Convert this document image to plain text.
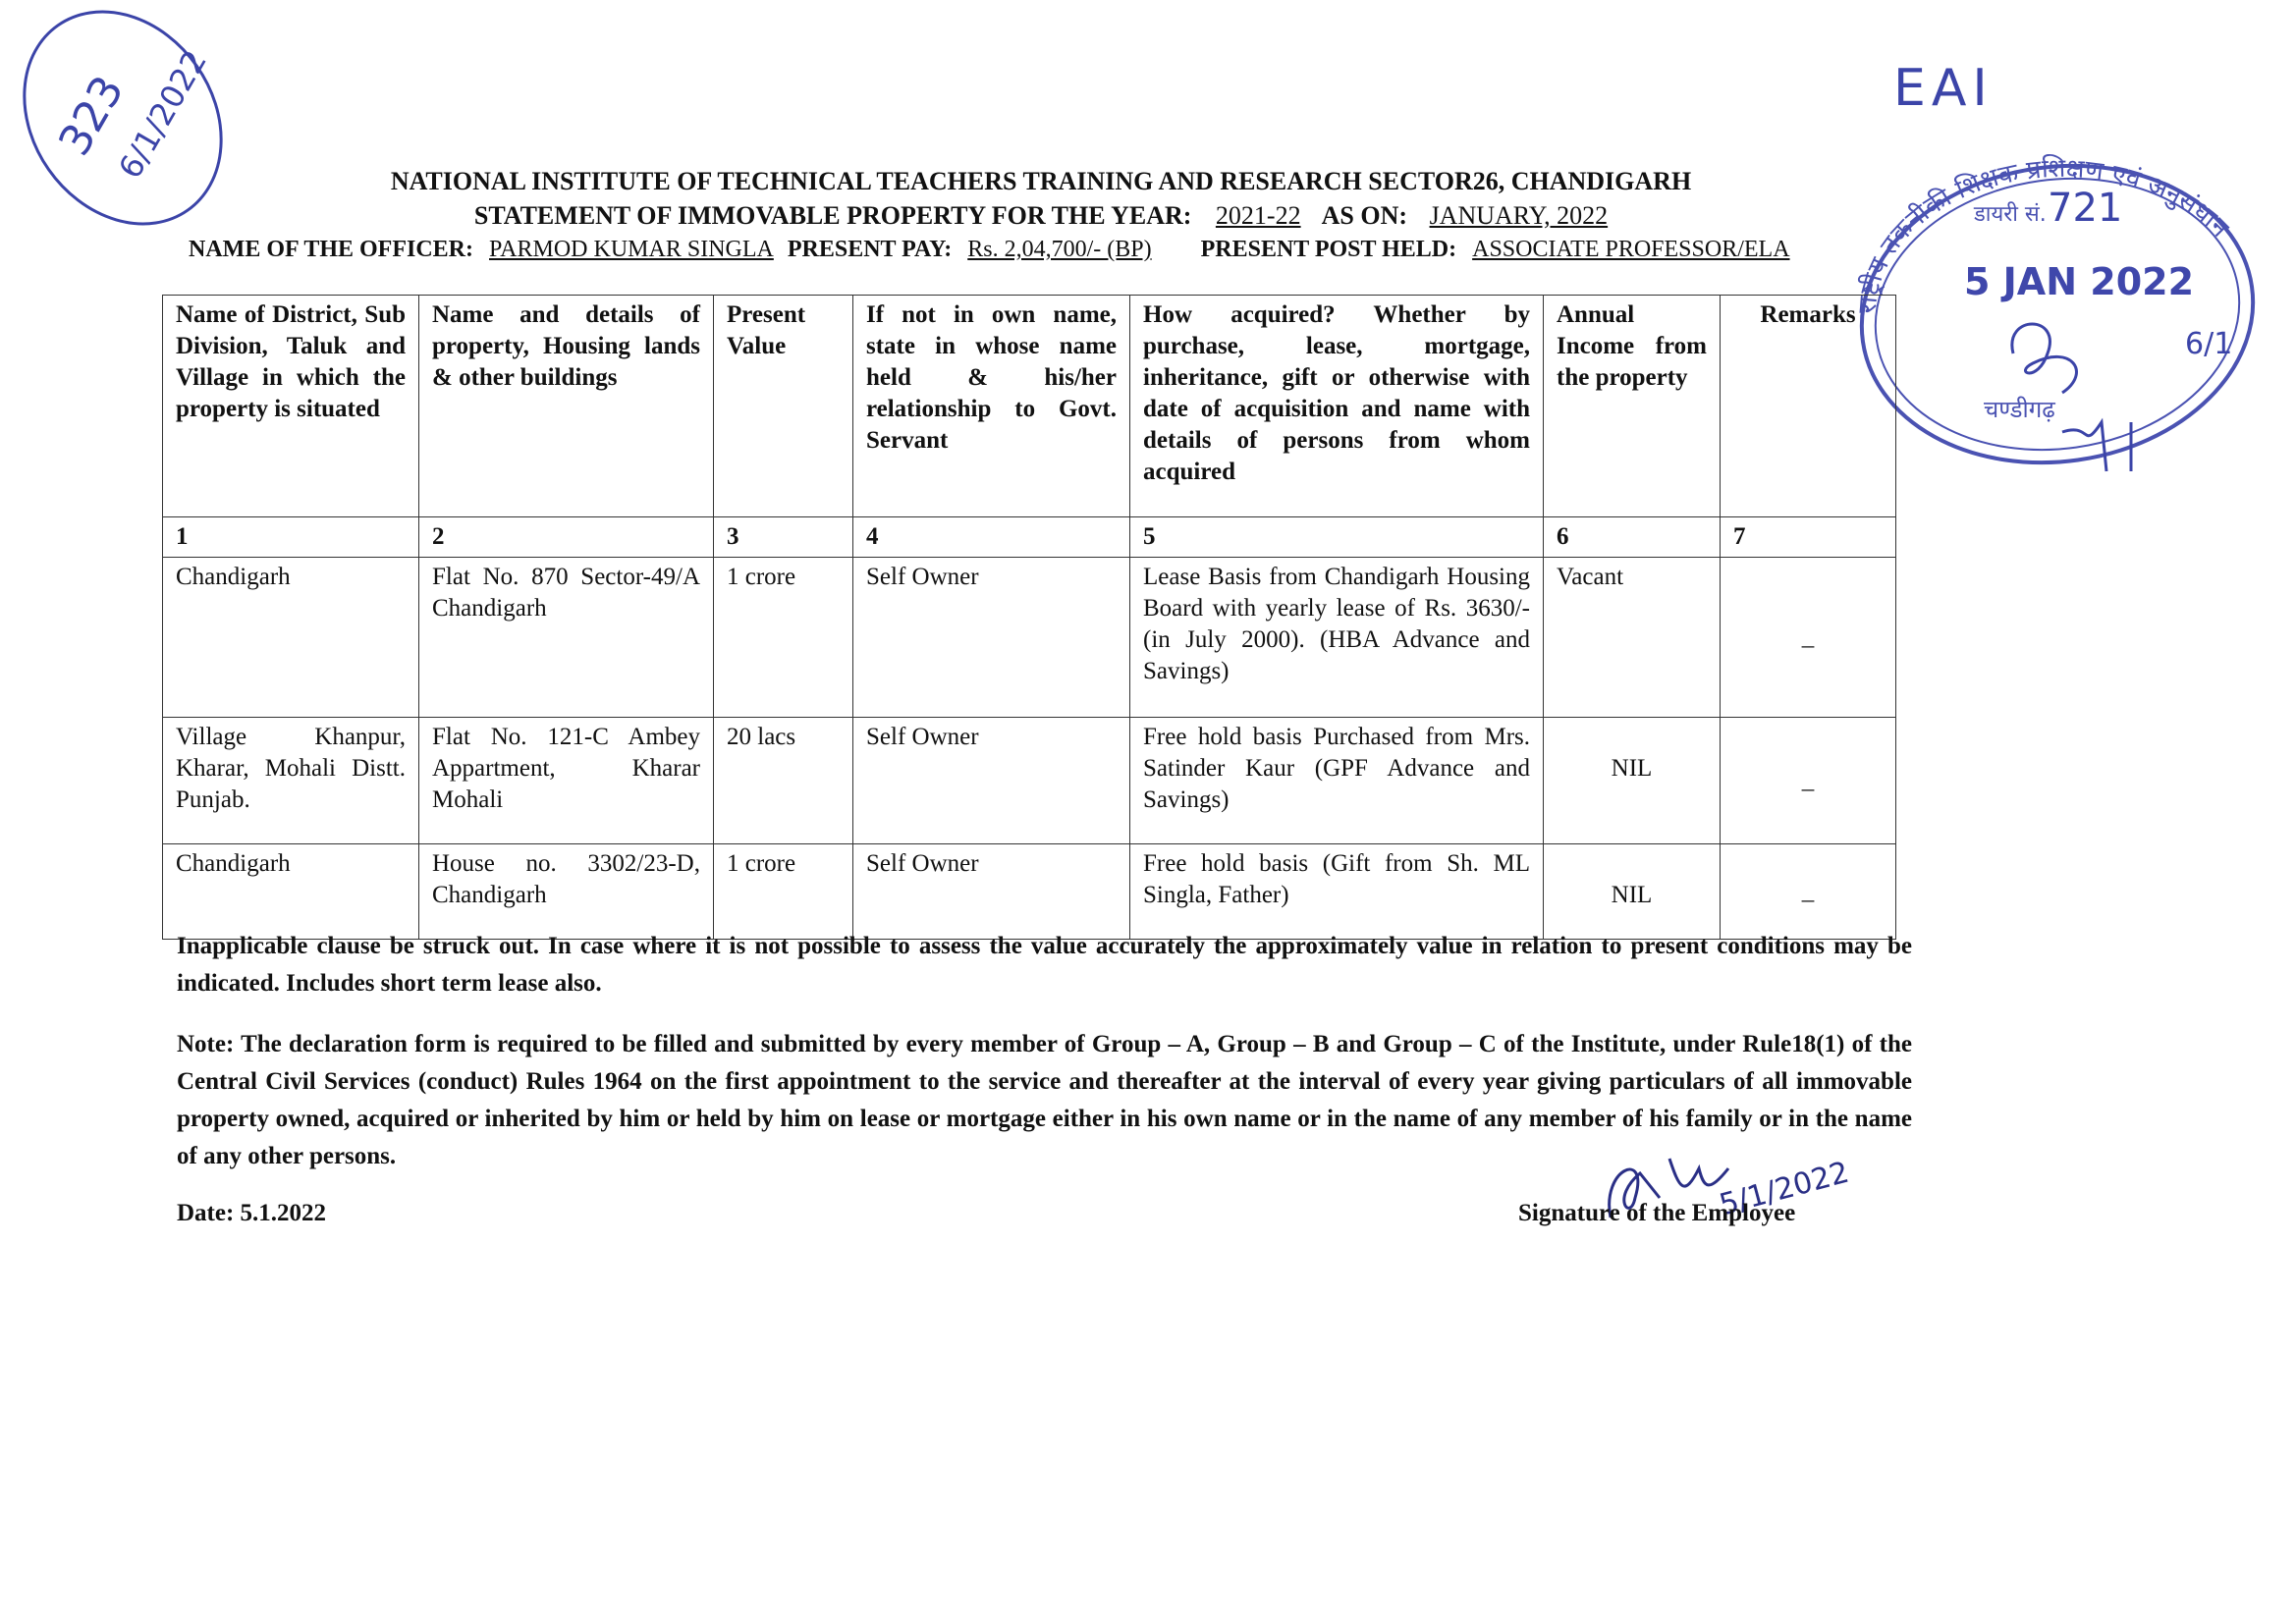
323
6/1/2022	EAI
राष्ट्रीय तकनीकी शिक्षक प्रशिक्षण एवं अनुसंधान
डायरी सं. 721
5 JAN 2022
6/1
चण्डीगढ़
NATIONAL INSTITUTE OF TECHNICAL TEACHERS TRAINING AND RESEARCH SECTOR26, CHANDIGARH
STATEMENT OF IMMOVABLE PROPERTY FOR THE YEAR: 2021-22 AS ON: JANUARY, 2022
NAME OF THE OFFICER: PARMOD KUMAR SINGLA PRESENT PAY: Rs. 2,04,700/- (BP) PRESENT POST HELD: ASSOCIATE PROFESSOR/ELA
Name of District, Sub Division, Taluk and Village in which the property is situated	Name and details of property, Housing lands & other buildings	Present Value	If not in own name, state in whose name held & his/her relationship to Govt. Servant	How acquired? Whether by purchase, lease, mortgage, inheritance, gift or otherwise with date of acquisition and name with details of persons from whom acquired	Annual Income from the property	Remarks
1	2	3	4	5	6	7
Chandigarh	Flat No. 870 Sector-49/A Chandigarh	1 crore	Self Owner	Lease Basis from Chandigarh Housing Board with yearly lease of Rs. 3630/- (in July 2000). (HBA Advance and Savings)	Vacant	_
Village Khanpur, Kharar, Mohali Distt. Punjab.	Flat No. 121-C Ambey Appartment, Kharar Mohali	20 lacs	Self Owner	Free hold basis Purchased from Mrs. Satinder Kaur (GPF Advance and Savings)	NIL	_
Chandigarh	House no. 3302/23-D, Chandigarh	1 crore	Self Owner	Free hold basis (Gift from Sh. ML Singla, Father)	NIL	_
Inapplicable clause be struck out. In case where it is not possible to assess the value accurately the approximately value in relation to present conditions may be indicated. Includes short term lease also.
Note: The declaration form is required to be filled and submitted by every member of Group – A, Group – B and Group – C of the Institute, under Rule18(1) of the Central Civil Services (conduct) Rules 1964 on the first appointment to the service and thereafter at the interval of every year giving particulars of all immovable property owned, acquired or inherited by him or held by him on lease or mortgage either in his own name or in the name of any member of his family or in the name of any other persons.
Date: 5.1.2022	5/1/2022
Signature of the Employee
